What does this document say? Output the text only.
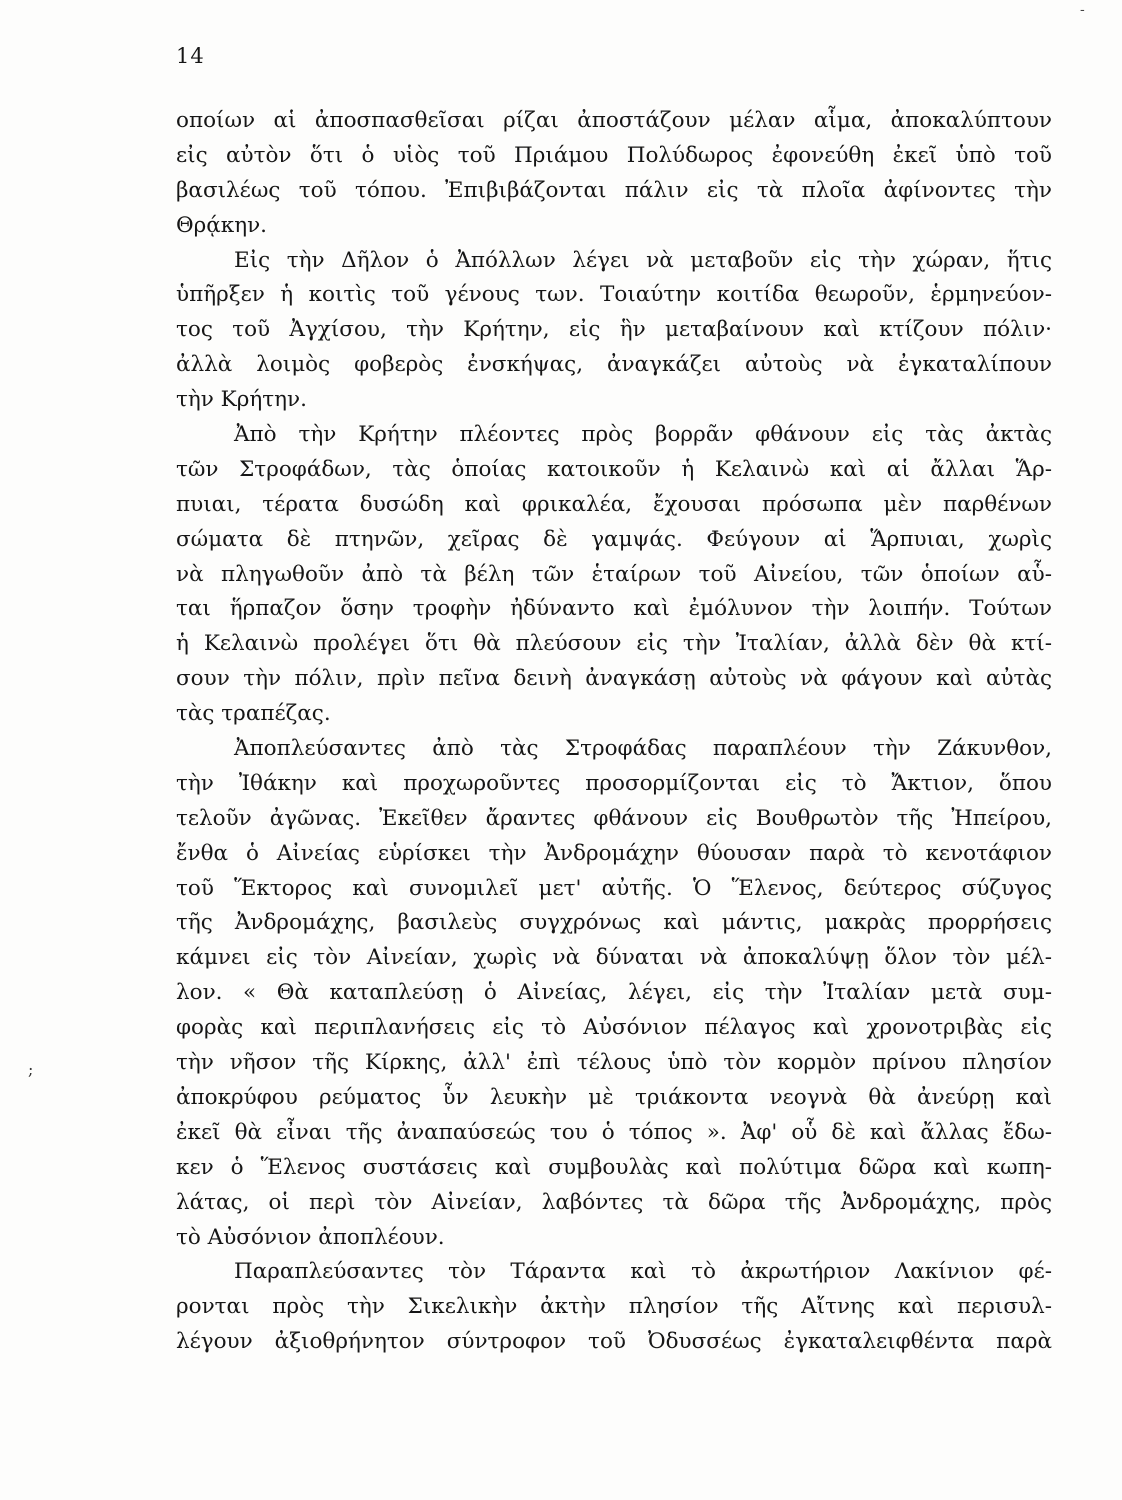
-
14
;
οποίων αἱ ἀποσπασθεῖσαι ρίζαι ἀποστάζουν μέλαν αἷμα, ἀποκαλύπτουν
εἰς αὐτὸν ὅτι ὁ υἱὸς τοῦ Πριάμου Πολύδωρος ἐφονεύθη ἐκεῖ ὑπὸ τοῦ
βασιλέως τοῦ τόπου. Ἐπιβιβάζονται πάλιν εἰς τὰ πλοῖα ἀφίνοντες τὴν
Θρᾴκην.
Εἰς τὴν Δῆλον ὁ Ἀπόλλων λέγει νὰ μεταβοῦν εἰς τὴν χώραν, ἥτις
ὑπῆρξεν ἡ κοιτὶς τοῦ γένους των. Τοιαύτην κοιτίδα θεωροῦν, ἑρμηνεύον-
τος τοῦ Ἀγχίσου, τὴν Κρήτην, εἰς ἣν μεταβαίνουν καὶ κτίζουν πόλιν·
ἀλλὰ λοιμὸς φοβερὸς ἐνσκήψας, ἀναγκάζει αὐτοὺς νὰ ἐγκαταλίπουν
τὴν Κρήτην.
Ἀπὸ τὴν Κρήτην πλέοντες πρὸς βορρᾶν φθάνουν εἰς τὰς ἀκτὰς
τῶν Στροφάδων, τὰς ὁποίας κατοικοῦν ἡ Κελαινὼ καὶ αἱ ἄλλαι Ἅρ-
πυιαι, τέρατα δυσώδη καὶ φρικαλέα, ἔχουσαι πρόσωπα μὲν παρθένων
σώματα δὲ πτηνῶν, χεῖρας δὲ γαμψάς. Φεύγουν αἱ Ἅρπυιαι, χωρὶς
νὰ πληγωθοῦν ἀπὸ τὰ βέλη τῶν ἑταίρων τοῦ Αἰνείου, τῶν ὁποίων αὗ-
ται ἥρπαζον ὅσην τροφὴν ἠδύναντο καὶ ἐμόλυνον τὴν λοιπήν. Τούτων
ἡ Κελαινὼ προλέγει ὅτι θὰ πλεύσουν εἰς τὴν Ἰταλίαν, ἀλλὰ δὲν θὰ κτί-
σουν τὴν πόλιν, πρὶν πεῖνα δεινὴ ἀναγκάσῃ αὐτοὺς νὰ φάγουν καὶ αὐτὰς
τὰς τραπέζας.
Ἀποπλεύσαντες ἀπὸ τὰς Στροφάδας παραπλέουν τὴν Ζάκυνθον,
τὴν Ἰθάκην καὶ προχωροῦντες προσορμίζονται εἰς τὸ Ἄκτιον, ὅπου
τελοῦν ἀγῶνας. Ἐκεῖθεν ἄραντες φθάνουν εἰς Βουθρωτὸν τῆς Ἠπείρου,
ἔνθα ὁ Αἰνείας εὑρίσκει τὴν Ἀνδρομάχην θύουσαν παρὰ τὸ κενοτάφιον
τοῦ Ἕκτορος καὶ συνομιλεῖ μετ' αὐτῆς. Ὁ Ἕλενος, δεύτερος σύζυγος
τῆς Ἀνδρομάχης, βασιλεὺς συγχρόνως καὶ μάντις, μακρὰς προρρήσεις
κάμνει εἰς τὸν Αἰνείαν, χωρὶς νὰ δύναται νὰ ἀποκαλύψῃ ὅλον τὸν μέλ-
λον. « Θὰ καταπλεύσῃ ὁ Αἰνείας, λέγει, εἰς τὴν Ἰταλίαν μετὰ συμ-
φορὰς καὶ περιπλανήσεις εἰς τὸ Αὐσόνιον πέλαγος καὶ χρονοτριβὰς εἰς
τὴν νῆσον τῆς Κίρκης, ἀλλ' ἐπὶ τέλους ὑπὸ τὸν κορμὸν πρίνου πλησίον
ἀποκρύφου ρεύματος ὗν λευκὴν μὲ τριάκοντα νεογνὰ θὰ ἀνεύρῃ καὶ
ἐκεῖ θὰ εἶναι τῆς ἀναπαύσεώς του ὁ τόπος ». Ἀφ' οὗ δὲ καὶ ἄλλας ἔδω-
κεν ὁ Ἕλενος συστάσεις καὶ συμβουλὰς καὶ πολύτιμα δῶρα καὶ κωπη-
λάτας, οἱ περὶ τὸν Αἰνείαν, λαβόντες τὰ δῶρα τῆς Ἀνδρομάχης, πρὸς
τὸ Αὐσόνιον ἀποπλέουν.
Παραπλεύσαντες τὸν Τάραντα καὶ τὸ ἀκρωτήριον Λακίνιον φέ-
ρονται πρὸς τὴν Σικελικὴν ἀκτὴν πλησίον τῆς Αἴτνης καὶ περισυλ-
λέγουν ἀξιοθρήνητον σύντροφον τοῦ Ὀδυσσέως ἐγκαταλειφθέντα παρὰ
